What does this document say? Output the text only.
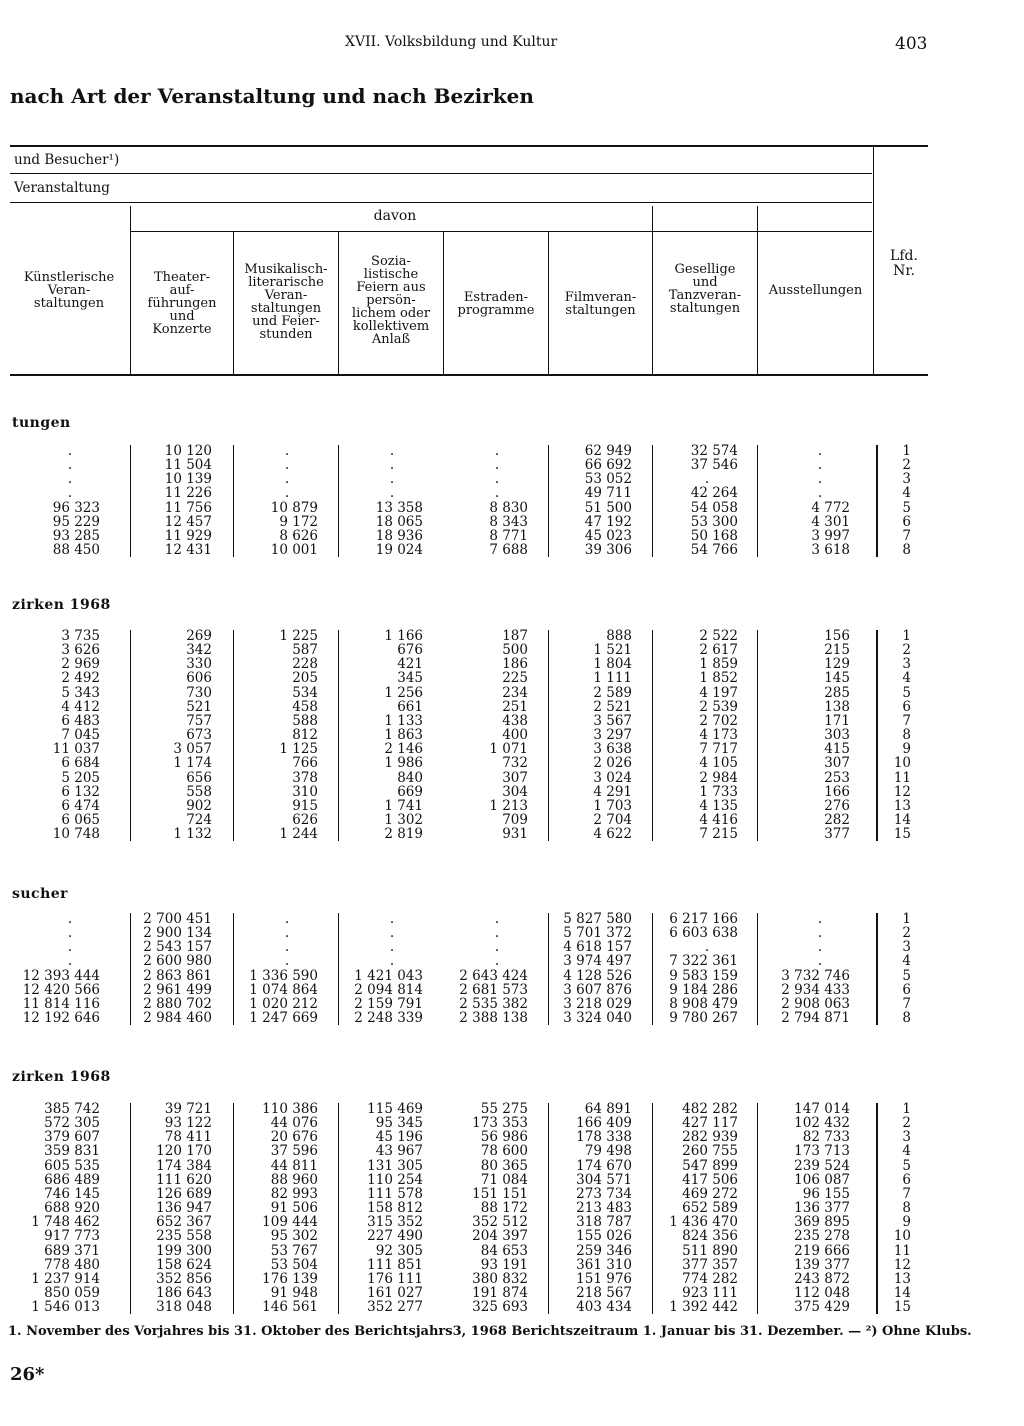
XVII. Volksbildung und Kultur	403
nach Art der Veranstaltung und nach Bezirken
und Besucher¹)
Veranstaltung
davon
Künstlerische
Veran-
staltungen
Theater-
auf-
führungen
und
Konzerte
Musikalisch-
literarische
Veran-
staltungen
und Feier-
stunden
Sozia-
listische
Feiern aus
persön-
lichem oder
kollektivem
Anlaß
Estraden-
programme
Filmveran-
staltungen
Gesellige
und
Tanzveran-
staltungen
Ausstellungen
Lfd.
Nr.
tungen
zirken 1968
sucher
zirken 1968
.	10 120	.	.	.	62 949	32 574	.	1
.	11 504	.	.	.	66 692	37 546	.	2
.	10 139	.	.	.	53 052	.	.	3
.	11 226	.	.	.	49 711	42 264	.	4
96 323	11 756	10 879	13 358	8 830	51 500	54 058	4 772	5
95 229	12 457	9 172	18 065	8 343	47 192	53 300	4 301	6
93 285	11 929	8 626	18 936	8 771	45 023	50 168	3 997	7
88 450	12 431	10 001	19 024	7 688	39 306	54 766	3 618	8
3 735	269	1 225	1 166	187	888	2 522	156	1
3 626	342	587	676	500	1 521	2 617	215	2
2 969	330	228	421	186	1 804	1 859	129	3
2 492	606	205	345	225	1 111	1 852	145	4
5 343	730	534	1 256	234	2 589	4 197	285	5
4 412	521	458	661	251	2 521	2 539	138	6
6 483	757	588	1 133	438	3 567	2 702	171	7
7 045	673	812	1 863	400	3 297	4 173	303	8
11 037	3 057	1 125	2 146	1 071	3 638	7 717	415	9
6 684	1 174	766	1 986	732	2 026	4 105	307	10
5 205	656	378	840	307	3 024	2 984	253	11
6 132	558	310	669	304	4 291	1 733	166	12
6 474	902	915	1 741	1 213	1 703	4 135	276	13
6 065	724	626	1 302	709	2 704	4 416	282	14
10 748	1 132	1 244	2 819	931	4 622	7 215	377	15
.	2 700 451	.	.	.	5 827 580	6 217 166	.	1
.	2 900 134	.	.	.	5 701 372	6 603 638	.	2
.	2 543 157	.	.	.	4 618 157	.	.	3
.	2 600 980	.	.	.	3 974 497	7 322 361	.	4
12 393 444	2 863 861	1 336 590	1 421 043	2 643 424	4 128 526	9 583 159	3 732 746	5
12 420 566	2 961 499	1 074 864	2 094 814	2 681 573	3 607 876	9 184 286	2 934 433	6
11 814 116	2 880 702	1 020 212	2 159 791	2 535 382	3 218 029	8 908 479	2 908 063	7
12 192 646	2 984 460	1 247 669	2 248 339	2 388 138	3 324 040	9 780 267	2 794 871	8
385 742	39 721	110 386	115 469	55 275	64 891	482 282	147 014	1
572 305	93 122	44 076	95 345	173 353	166 409	427 117	102 432	2
379 607	78 411	20 676	45 196	56 986	178 338	282 939	82 733	3
359 831	120 170	37 596	43 967	78 600	79 498	260 755	173 713	4
605 535	174 384	44 811	131 305	80 365	174 670	547 899	239 524	5
686 489	111 620	88 960	110 254	71 084	304 571	417 506	106 087	6
746 145	126 689	82 993	111 578	151 151	273 734	469 272	96 155	7
688 920	136 947	91 506	158 812	88 172	213 483	652 589	136 377	8
1 748 462	652 367	109 444	315 352	352 512	318 787	1 436 470	369 895	9
917 773	235 558	95 302	227 490	204 397	155 026	824 356	235 278	10
689 371	199 300	53 767	92 305	84 653	259 346	511 890	219 666	11
778 480	158 624	53 504	111 851	93 191	361 310	377 357	139 377	12
1 237 914	352 856	176 139	176 111	380 832	151 976	774 282	243 872	13
850 059	186 643	91 948	161 027	191 874	218 567	923 111	112 048	14
1 546 013	318 048	146 561	352 277	325 693	403 434	1 392 442	375 429	15
1. November des Vorjahres bis 31. Oktober des Berichtsjahrs3, 1968 Berichtszeitraum 1. Januar bis 31. Dezember. — ²) Ohne Klubs.
26*
